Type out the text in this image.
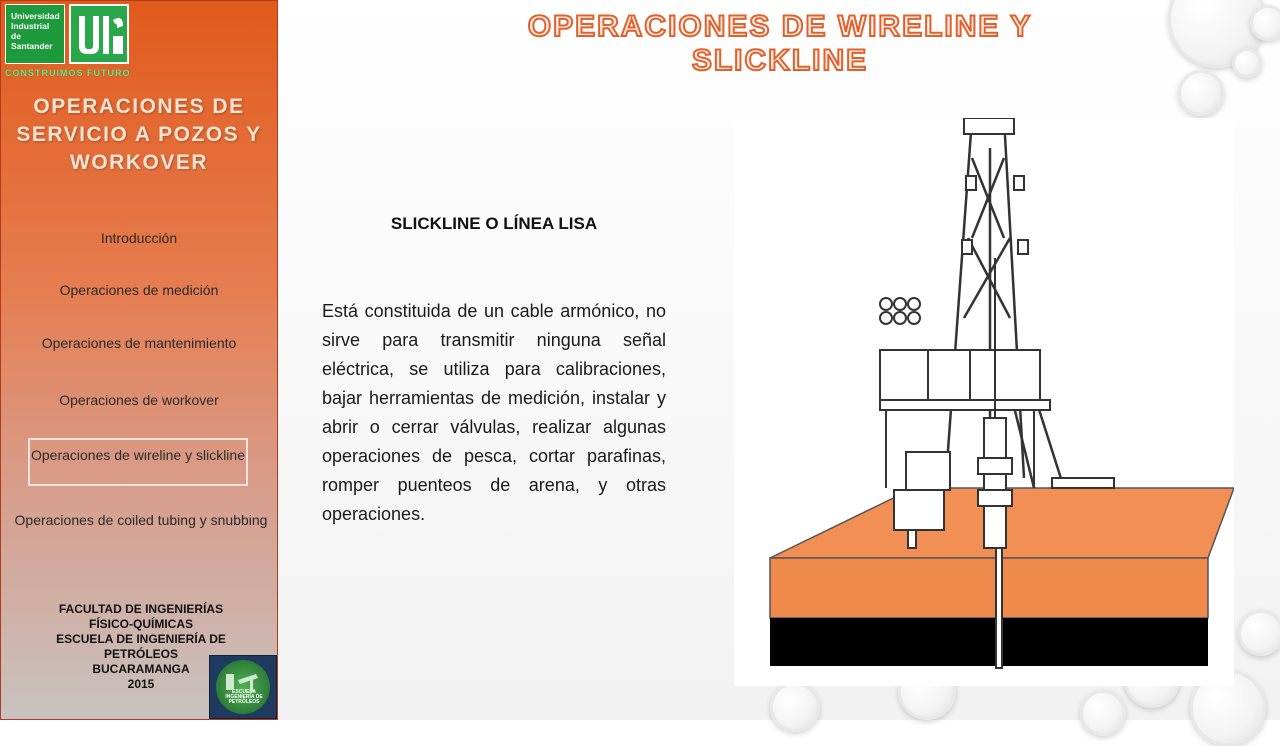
Universidad Industrial de Santander
CONSTRUIMOS FUTURO
OPERACIONES DE SERVICIO A POZOS Y WORKOVER
Introducción
Operaciones de medición
Operaciones de mantenimiento
Operaciones de workover
Operaciones de wireline y slickline
Operaciones de coiled tubing y snubbing
FACULTAD DE INGENIERÍAS
FÍSICO-QUÍMICAS
ESCUELA DE INGENIERÍA DE
PETRÓLEOS
BUCARAMANGA
2015
ESCUELA INGENIERÍA DE PETRÓLEOS
OPERACIONES DE WIRELINE Y SLICKLINE
SLICKLINE O LÍNEA LISA
Está constituida de un cable armónico, no sirve para transmitir ninguna señal eléctrica, se utiliza para calibraciones, bajar herramientas de medición, instalar y abrir o cerrar válvulas, realizar algunas operaciones de pesca, cortar parafinas, romper puenteos de arena, y otras operaciones.
